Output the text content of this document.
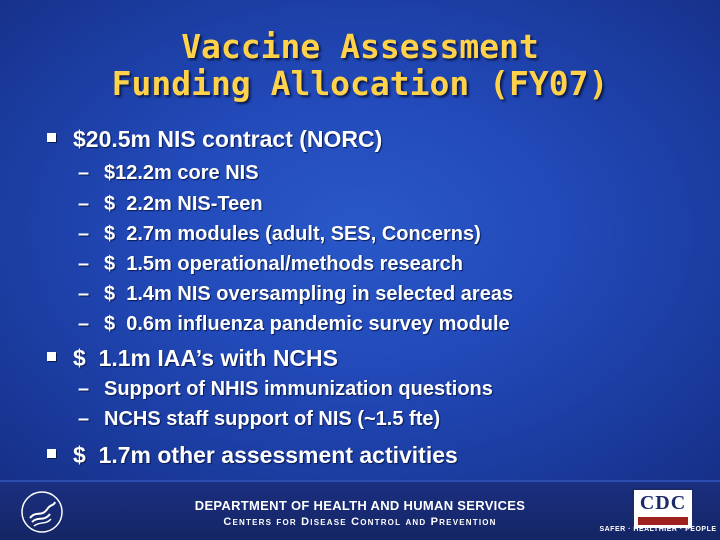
Vaccine Assessment
Funding Allocation (FY07)
$20.5m NIS contract (NORC)
– $12.2m core NIS
– $  2.2m NIS-Teen
– $  2.7m modules (adult, SES, Concerns)
– $  1.5m operational/methods research
– $  1.4m NIS oversampling in selected areas
– $  0.6m influenza pandemic survey module
$  1.1m IAA’s with NCHS
– Support of NHIS immunization questions
– NCHS staff support of NIS (~1.5 fte)
$  1.7m other assessment activities
DEPARTMENT OF HEALTH AND HUMAN SERVICES
Centers for Disease Control and Prevention
CDC
SAFER · HEALTHIER · PEOPLE
